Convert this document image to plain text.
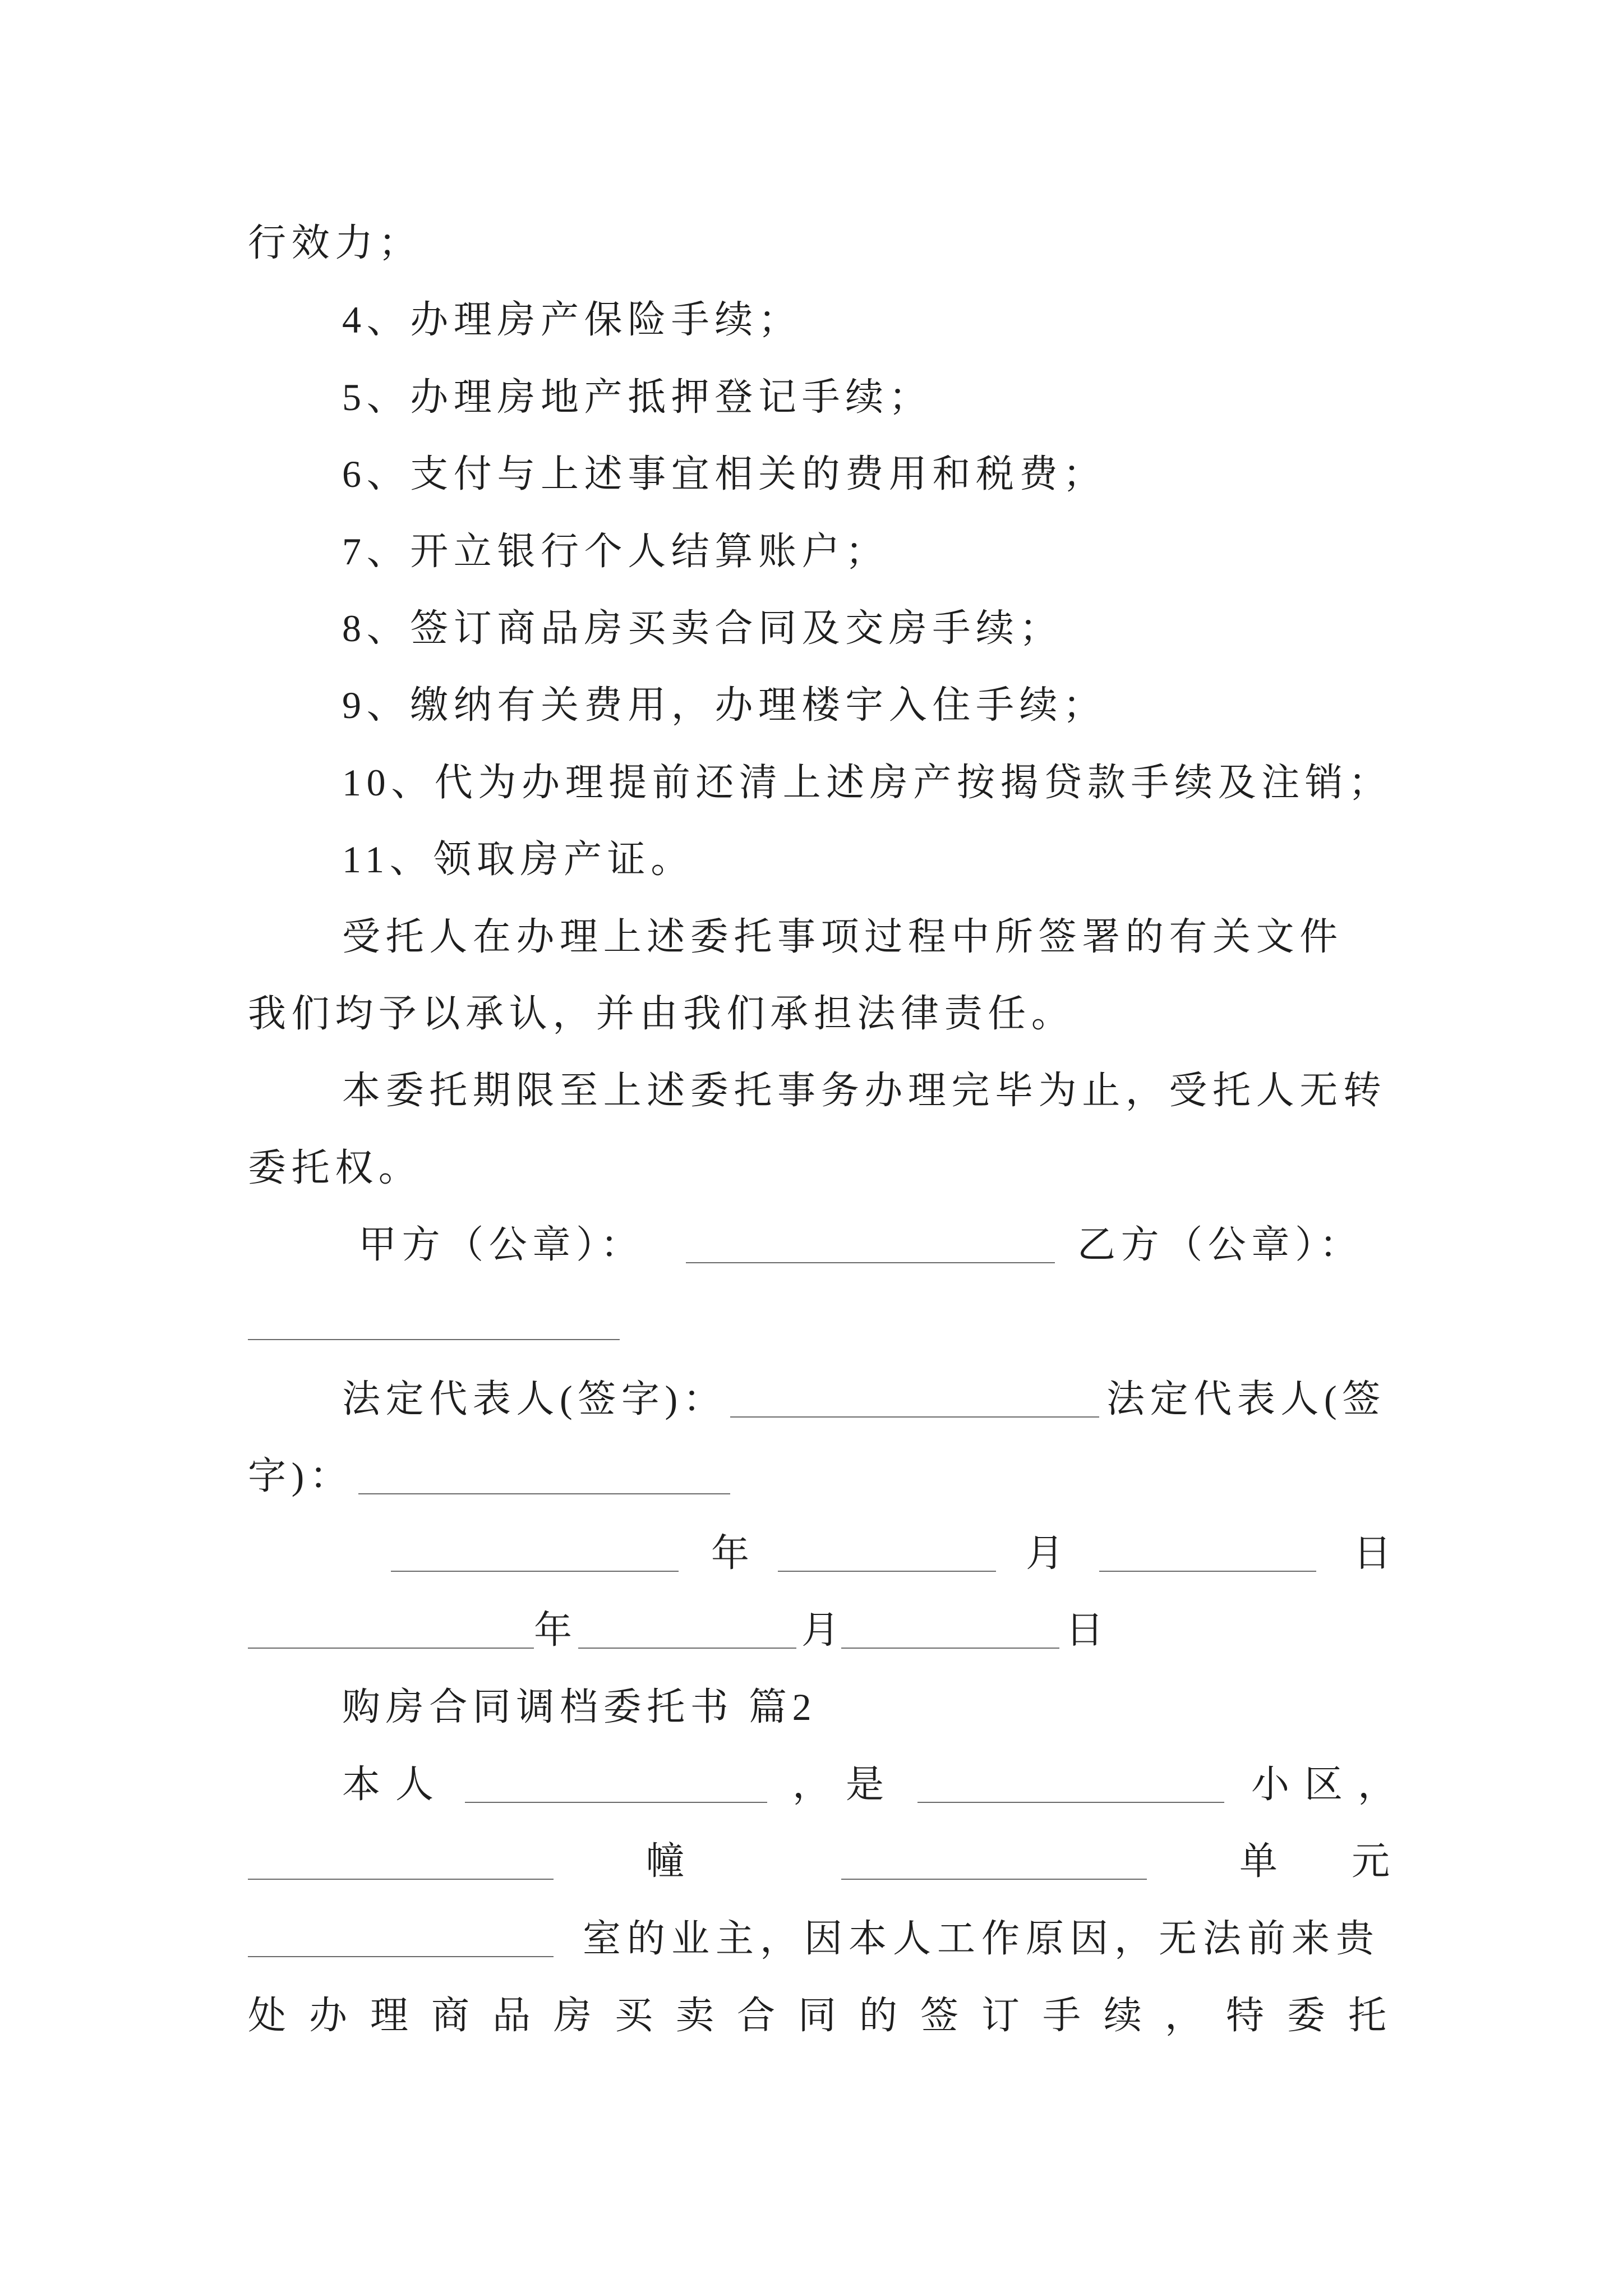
行效力；
4、办理房产保险手续；
5、办理房地产抵押登记手续；
6、支付与上述事宜相关的费用和税费；
7、开立银行个人结算账户；
8、签订商品房买卖合同及交房手续；
9、缴纳有关费用，办理楼宇入住手续；
10、代为办理提前还清上述房产按揭贷款手续及注销；
11、领取房产证。
受托人在办理上述委托事项过程中所签署的有关文件
我们均予以承认，并由我们承担法律责任。
本委托期限至上述委托事务办理完毕为止，受托人无转
委托权。
甲方（公章）：	乙方（公章）：
法定代表人(签字)：	法定代表人(签
字)：
年	月	日
年	月	日
购房合同调档委托书 篇2
本人	，是	小区，
幢	单元
室的业主，因本人工作原因，无法前来贵
处办理商品房买卖合同的签订手续，特委托
